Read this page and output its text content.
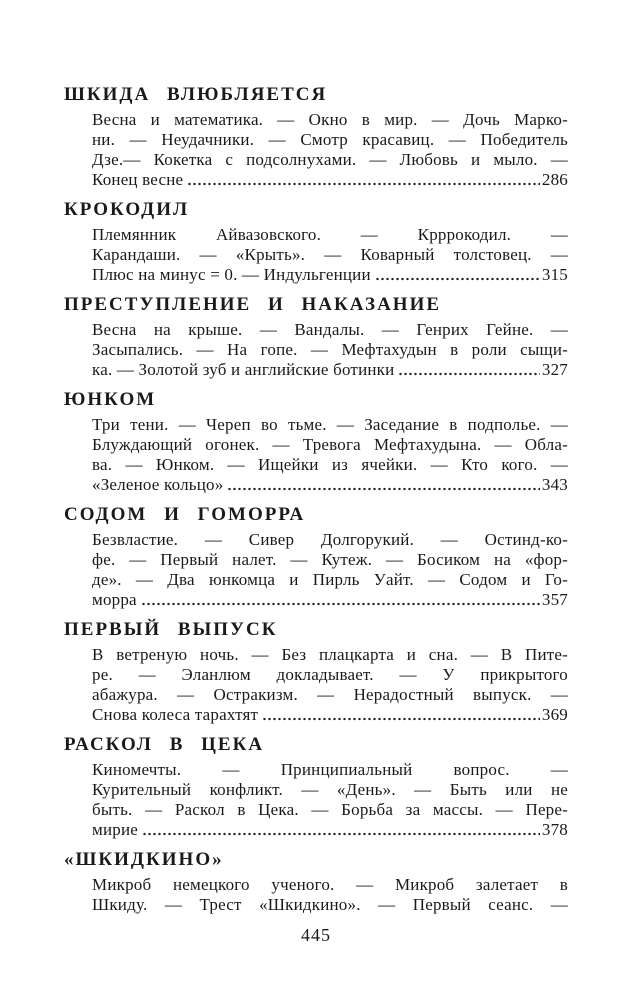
ШКИДА ВЛЮБЛЯЕТСЯ
Весна и математика. — Окно в мир. — Дочь Марко-
ни. — Неудачники. — Смотр красавиц. — Победитель
Дзе.— Кокетка с подсолнухами. — Любовь и мыло. —
Конец весне	286
КРОКОДИЛ
Племянник Айвазовского. — Крррокодил. —
Карандаши. — «Крыть». — Коварный толстовец. —
Плюс на минус = 0. — Индульгенции	315
ПРЕСТУПЛЕНИЕ И НАКАЗАНИЕ
Весна на крыше. — Вандалы. — Генрих Гейне. —
Засыпались. — На гопе. — Мефтахудын в роли сыщи-
ка. — Золотой зуб и английские ботинки	327
ЮНКОМ
Три тени. — Череп во тьме. — Заседание в подполье. —
Блуждающий огонек. — Тревога Мефтахудына. — Обла-
ва. — Юнком. — Ищейки из ячейки. — Кто кого. —
«Зеленое кольцо»	343
СОДОМ И ГОМОРРА
Безвластие. — Сивер Долгорукий. — Остинд-ко-
фе. — Первый налет. — Кутеж. — Босиком на «фор-
де». — Два юнкомца и Пирль Уайт. — Содом и Го-
морра	357
ПЕРВЫЙ ВЫПУСК
В ветреную ночь. — Без плацкарта и сна. — В Пите-
ре. — Эланлюм докладывает. — У прикрытого
абажура. — Остракизм. — Нерадостный выпуск. —
Снова колеса тарахтят	369
РАСКОЛ В ЦЕКА
Киномечты. — Принципиальный вопрос. —
Курительный конфликт. — «День». — Быть или не
быть. — Раскол в Цека. — Борьба за массы. — Пере-
мирие	378
«ШКИДКИНО»
Микроб немецкого ученого. — Микроб залетает в
Шкиду. — Трест «Шкидкино». — Первый сеанс. —
445
